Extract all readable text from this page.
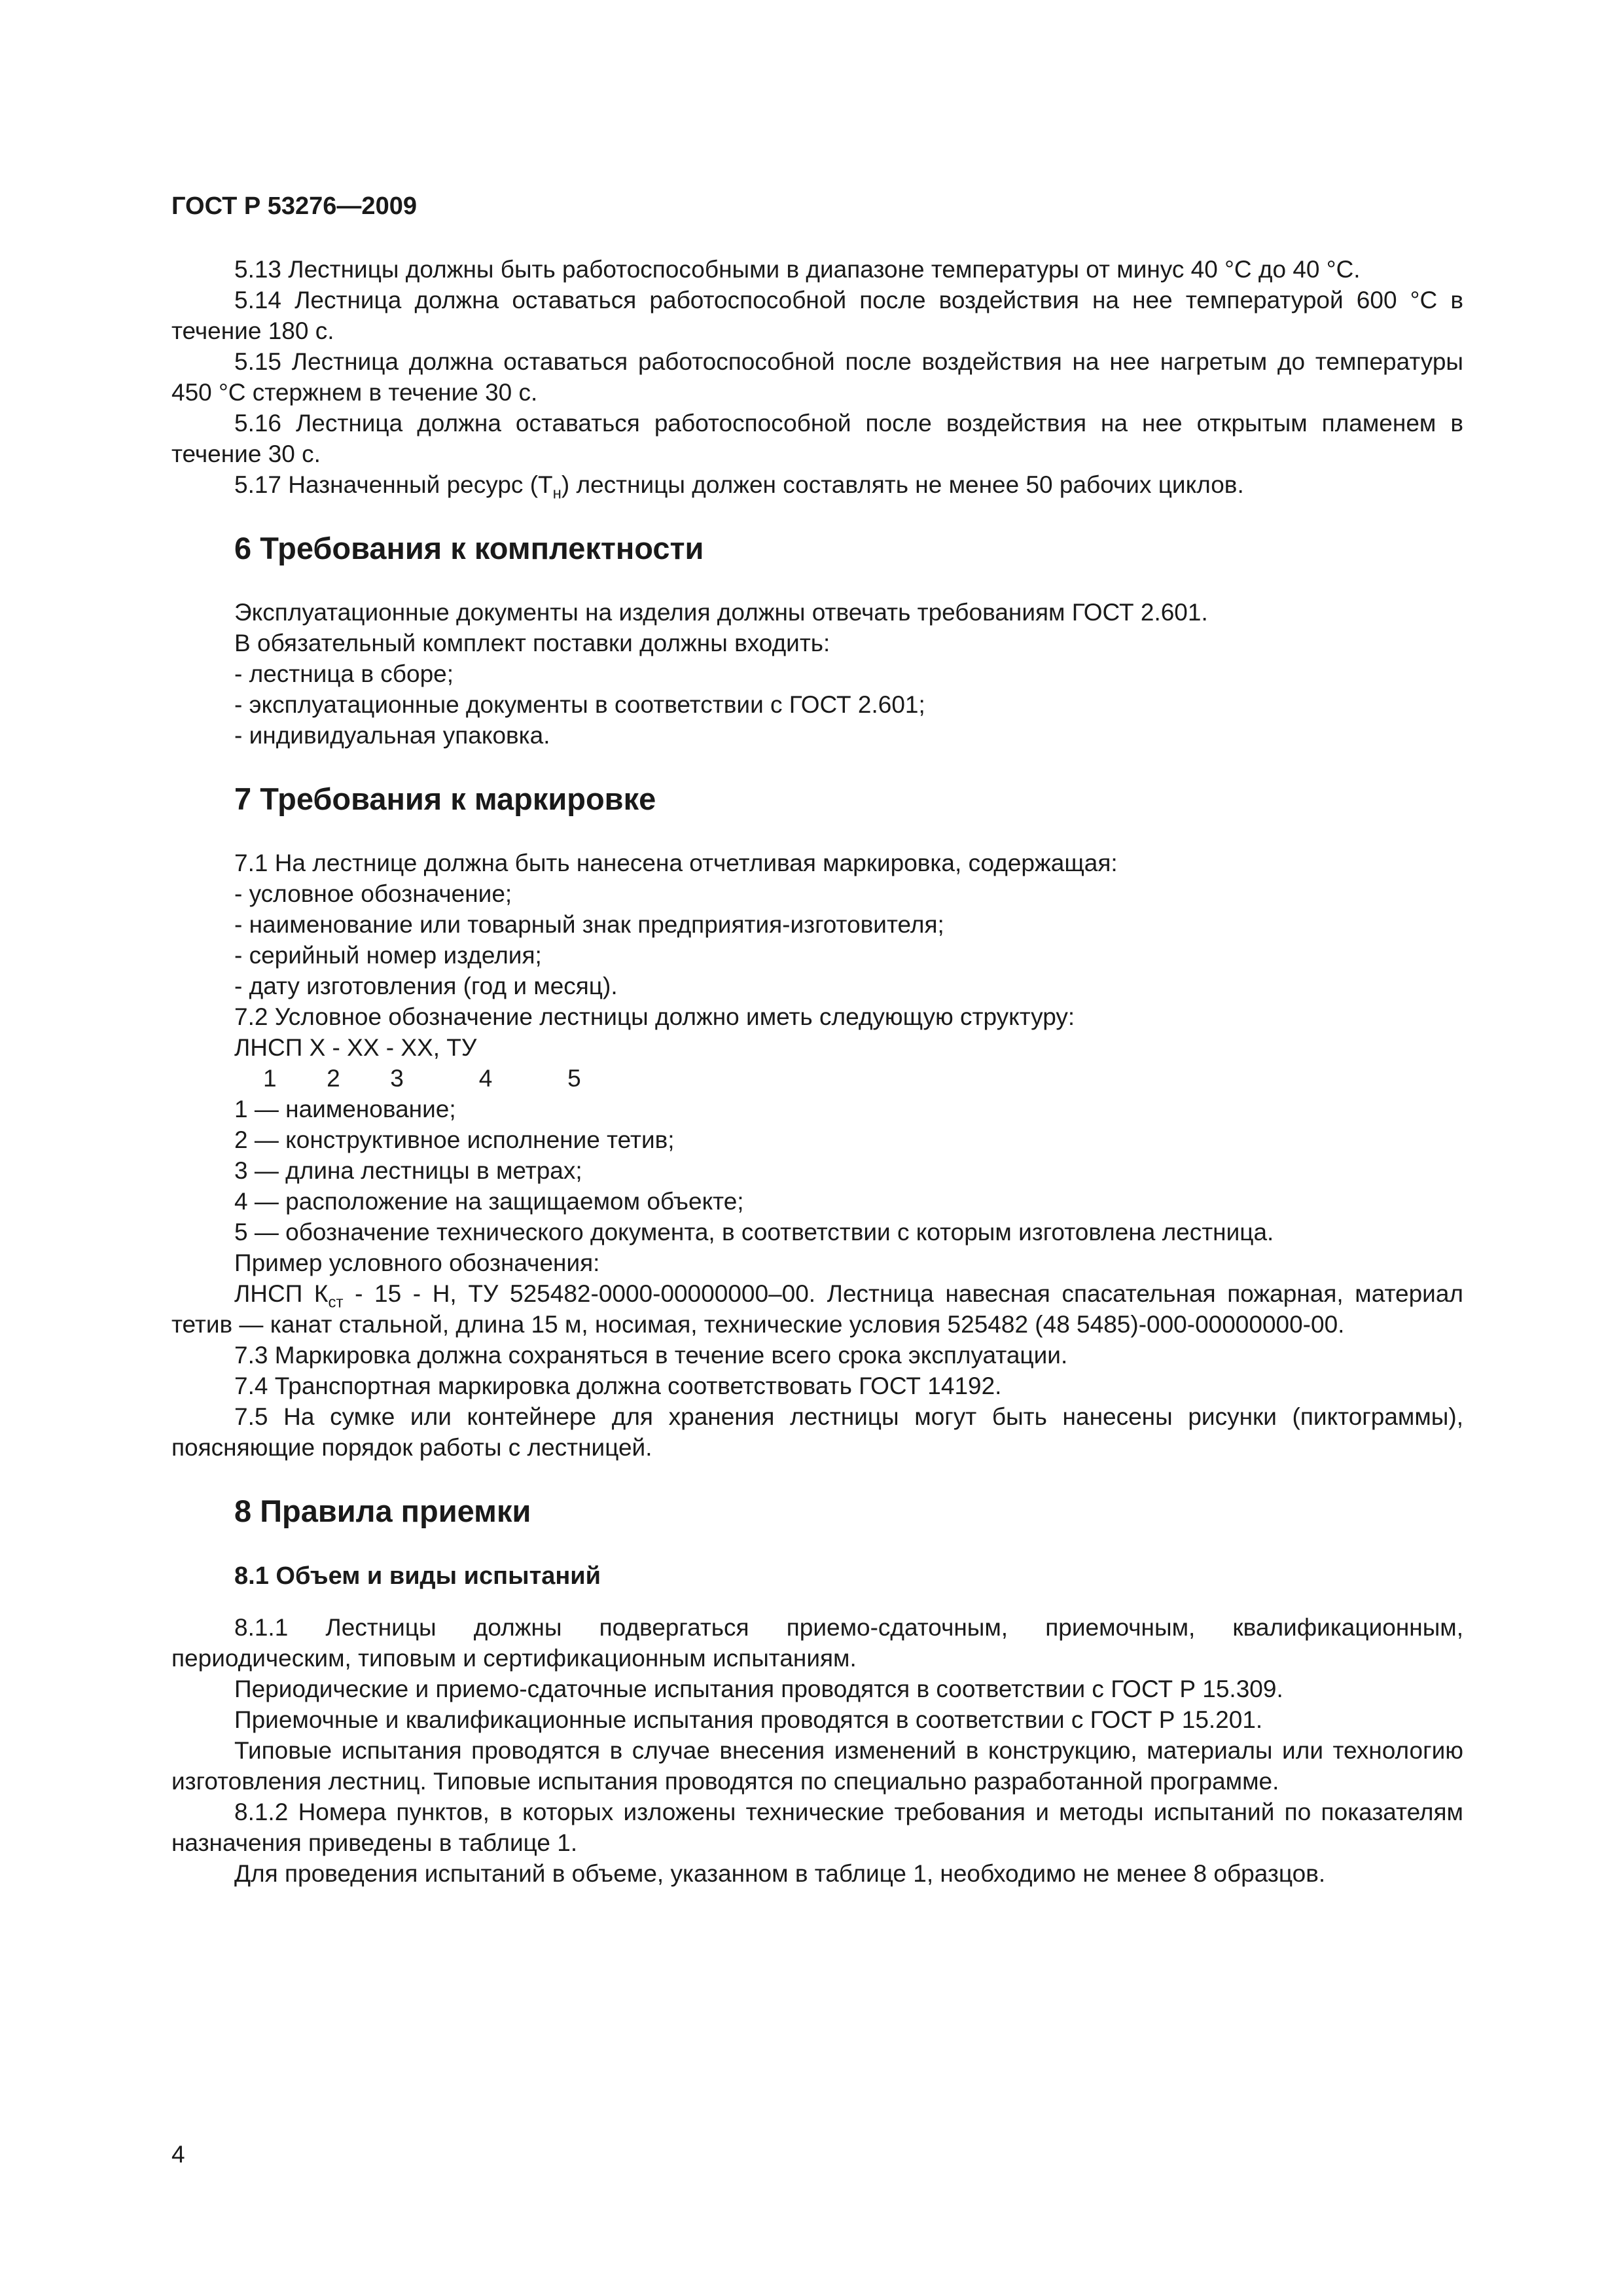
ГОСТ Р 53276—2009

5.13 Лестницы должны быть работоспособными в диапазоне температуры от минус 40 °C до 40 °C.

5.14 Лестница должна оставаться работоспособной после воздействия на нее температурой 600 °C в течение 180 с.

5.15 Лестница должна оставаться работоспособной после воздействия на нее нагретым до температуры 450 °C стержнем в течение 30 с.

5.16 Лестница должна оставаться работоспособной после воздействия на нее открытым пламенем в течение 30 с.

5.17 Назначенный ресурс $(Т_н)$ лестницы должен составлять не менее 50 рабочих циклов.

6 Требования к комплектности

Эксплуатационные документы на изделия должны отвечать требованиям ГОСТ 2.601.

В обязательный комплект поставки должны входить:

- лестница в сборе;

- эксплуатационные документы в соответствии с ГОСТ 2.601;

- индивидуальная упаковка.

7 Требования к маркировке

7.1 На лестнице должна быть нанесена отчетливая маркировка, содержащая:

- условное обозначение;

- наименование или товарный знак предприятия-изготовителя;

- серийный номер изделия;

- дату изготовления (год и месяц).

7.2 Условное обозначение лестницы должно иметь следующую структуру:

ЛНСП Х - ХХ - ХХ, ТУ

1  2  3   4   5

1 — наименование;

2 — конструктивное исполнение тетив;

3 — длина лестницы в метрах;

4 — расположение на защищаемом объекте;

5 — обозначение технического документа, в соответствии с которым изготовлена лестница.

Пример условного обозначения:

ЛНСП $К_{ст} - 15$ - Н, ТУ 525482-0000-00000000–00. Лестница навесная спасательная пожарная, материал тетив — канат стальной, длина 15 м, носимая, технические условия 525482 (48 5485)-000-00000000-00.

7.3 Маркировка должна сохраняться в течение всего срока эксплуатации.

7.4 Транспортная маркировка должна соответствовать ГОСТ 14192.

7.5 На сумке или контейнере для хранения лестницы могут быть нанесены рисунки (пиктограммы), поясняющие порядок работы с лестницей.

8 Правила приемки
8.1 Объем и виды испытаний

8.1.1 Лестницы должны подвергаться приемо-сдаточным, приемочным, квалификационным, периодическим, типовым и сертификационным испытаниям.

Периодические и приемо-сдаточные испытания проводятся в соответствии с ГОСТ Р 15.309.

Приемочные и квалификационные испытания проводятся в соответствии с ГОСТ Р 15.201.

Типовые испытания проводятся в случае внесения изменений в конструкцию, материалы или технологию изготовления лестниц. Типовые испытания проводятся по специально разработанной программе.

8.1.2 Номера пунктов, в которых изложены технические требования и методы испытаний по показателям назначения приведены в таблице 1.

Для проведения испытаний в объеме, указанном в таблице 1, необходимо не менее 8 образцов.

4
